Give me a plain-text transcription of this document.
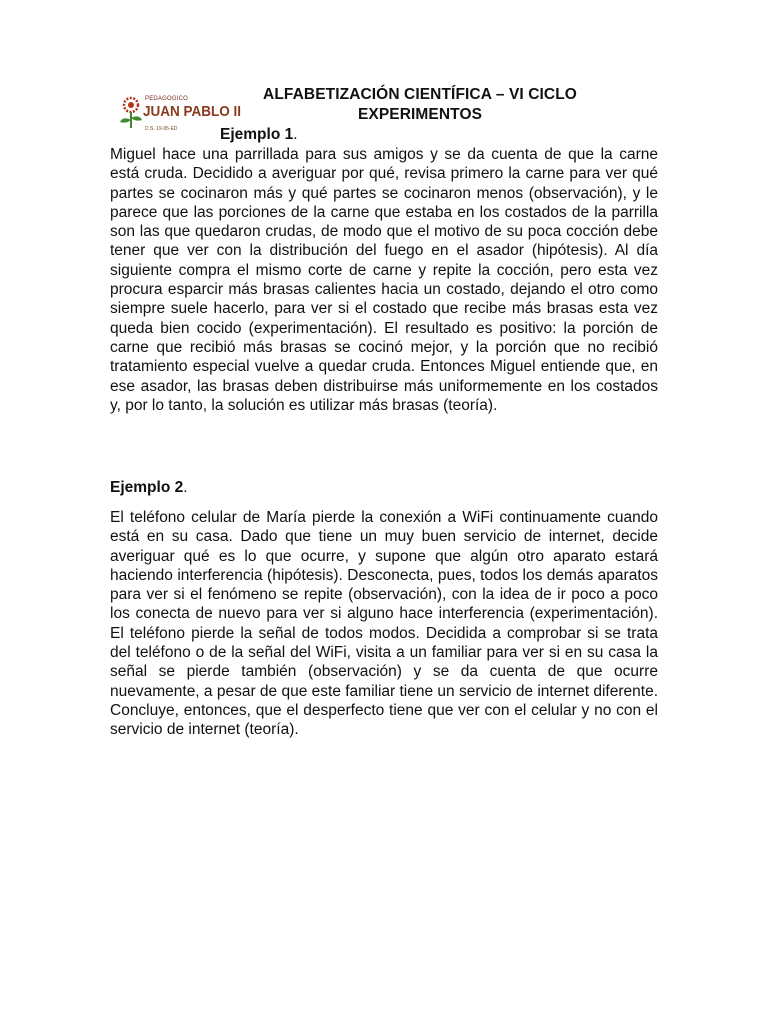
PEDAGOGICO
JUAN PABLO II
D.S. 19-95-ED
ALFABETIZACIÓN CIENTÍFICA – VI CICLO
EXPERIMENTOS
Ejemplo 1.

Miguel hace una parrillada para sus amigos y se da cuenta de que la carne está cruda. Decidido a averiguar por qué, revisa primero la carne para ver qué partes se cocinaron más y qué partes se cocinaron menos (observación), y le parece que las porciones de la carne que estaba en los costados de la parrilla son las que quedaron crudas, de modo que el motivo de su poca cocción debe tener que ver con la distribución del fuego en el asador (hipótesis). Al día siguiente compra el mismo corte de carne y repite la cocción, pero esta vez procura esparcir más brasas calientes hacia un costado, dejando el otro como siempre suele hacerlo, para ver si el costado que recibe más brasas esta vez queda bien cocido (experimentación). El resultado es positivo: la porción de carne que recibió más brasas se cocinó mejor, y la porción que no recibió tratamiento especial vuelve a quedar cruda. Entonces Miguel entiende que, en ese asador, las brasas deben distribuirse más uniformemente en los costados y, por lo tanto, la solución es utilizar más brasas (teoría).

Ejemplo 2.

El teléfono celular de María pierde la conexión a WiFi continuamente cuando está en su casa. Dado que tiene un muy buen servicio de internet, decide averiguar qué es lo que ocurre, y supone que algún otro aparato estará haciendo interferencia (hipótesis). Desconecta, pues, todos los demás aparatos para ver si el fenómeno se repite (observación), con la idea de ir poco a poco los conecta de nuevo para ver si alguno hace interferencia (experimentación). El teléfono pierde la señal de todos modos. Decidida a comprobar si se trata del teléfono o de la señal del WiFi, visita a un familiar para ver si en su casa la señal se pierde también (observación) y se da cuenta de que ocurre nuevamente, a pesar de que este familiar tiene un servicio de internet diferente. Concluye, entonces, que el desperfecto tiene que ver con el celular y no con el servicio de internet (teoría).
